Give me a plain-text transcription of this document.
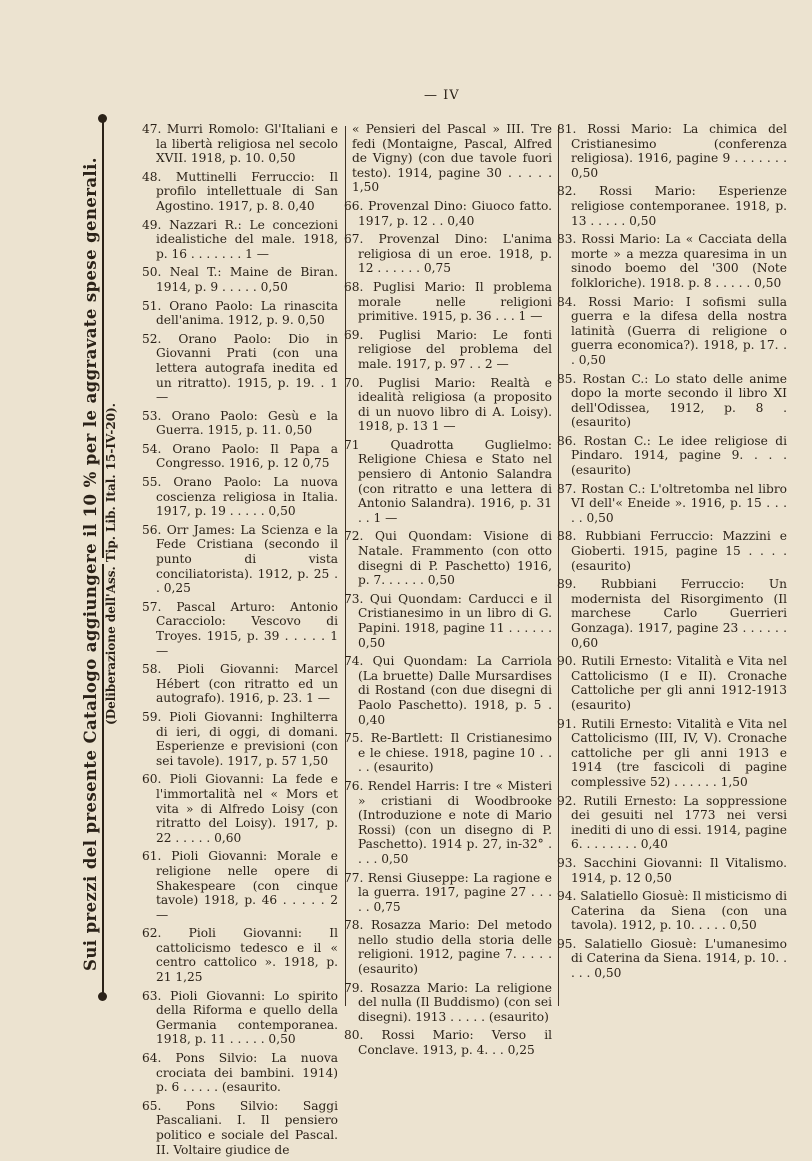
— IV
Sui prezzi del presente Catalogo aggiungere il 10 % per le aggravate spese generali. (Deliberazione dell'Ass. Tip. Lib. Ital. 15-IV-20).

47. Murri Romolo: Gl'Italiani e la libertà religiosa nel secolo XVII. 1918, p. 10. 0,50

48. Muttinelli Ferruccio: Il profilo intellettuale di San Agostino. 1917, p. 8. 0,40

49. Nazzari R.: Le concezioni idealistiche del male. 1918, p. 16 . . . . . . . 1 —

50. Neal T.: Maine de Biran. 1914, p. 9 . . . . . 0,50

51. Orano Paolo: La rinascita dell'anima. 1912, p. 9. 0,50

52. Orano Paolo: Dio in Giovanni Prati (con una lettera autografa inedita ed un ritratto). 1915, p. 19. . 1 —

53. Orano Paolo: Gesù e la Guerra. 1915, p. 11. 0,50

54. Orano Paolo: Il Papa a Congresso. 1916, p. 12 0,75

55. Orano Paolo: La nuova coscienza religiosa in Italia. 1917, p. 19 . . . . . 0,50

56. Orr James: La Scienza e la Fede Cristiana (secondo il punto di vista conciliatorista). 1912, p. 25 . . 0,25

57. Pascal Arturo: Antonio Caracciolo: Vescovo di Troyes. 1915, p. 39 . . . . . 1 —

58. Pioli Giovanni: Marcel Hébert (con ritratto ed un autografo). 1916, p. 23. 1 —

59. Pioli Giovanni: Inghilterra di ieri, di oggi, di domani. Esperienze e previsioni (con sei tavole). 1917, p. 57 1,50

60. Pioli Giovanni: La fede e l'immortalità nel « Mors et vita » di Alfredo Loisy (con ritratto del Loisy). 1917, p. 22 . . . . . 0,60

61. Pioli Giovanni: Morale e religione nelle opere di Shakespeare (con cinque tavole) 1918, p. 46 . . . . . 2 —

62. Pioli Giovanni: Il cattolicismo tedesco e il « centro cattolico ». 1918, p. 21 1,25

63. Pioli Giovanni: Lo spirito della Riforma e quello della Germania contemporanea. 1918, p. 11 . . . . . 0,50

64. Pons Silvio: La nuova crociata dei bambini. 1914) p. 6 . . . . . (esaurito.

65. Pons Silvio: Saggi Pascaliani. I. Il pensiero politico e sociale del Pascal. II. Voltaire giudice de

« Pensieri del Pascal » III. Tre fedi (Montaigne, Pascal, Alfred de Vigny) (con due tavole fuori testo). 1914, pagine 30 . . . . . 1,50

66. Provenzal Dino: Giuoco fatto. 1917, p. 12 . . 0,40

67. Provenzal Dino: L'anima religiosa di un eroe. 1918, p. 12 . . . . . . 0,75

68. Puglisi Mario: Il problema morale nelle religioni primitive. 1915, p. 36 . . . 1 —

69. Puglisi Mario: Le fonti religiose del problema del male. 1917, p. 97 . . 2 —

70. Puglisi Mario: Realtà e idealità religiosa (a proposito di un nuovo libro di A. Loisy). 1918, p. 13 1 —

71 Quadrotta Guglielmo: Religione Chiesa e Stato nel pensiero di Antonio Salandra (con ritratto e una lettera di Antonio Salandra). 1916, p. 31 . . 1 —

72. Qui Quondam: Visione di Natale. Frammento (con otto disegni di P. Paschetto) 1916, p. 7. . . . . . 0,50

73. Qui Quondam: Carducci e il Cristianesimo in un libro di G. Papini. 1918, pagine 11 . . . . . . 0,50

74. Qui Quondam: La Carriola (La bruette) Dalle Mursardises di Rostand (con due disegni di Paolo Paschetto). 1918, p. 5 . 0,40

75. Re-Bartlett: Il Cristianesimo e le chiese. 1918, pagine 10 . . . . (esaurito)

76. Rendel Harris: I tre « Misteri » cristiani di Woodbrooke (Introduzione e note di Mario Rossi) (con un disegno di P. Paschetto). 1914 p. 27, in-32° . . . . 0,50

77. Rensi Giuseppe: La ragione e la guerra. 1917, pagine 27 . . . . . 0,75

78. Rosazza Mario: Del metodo nello studio della storia delle religioni. 1912, pagine 7. . . . . (esaurito)

79. Rosazza Mario: La religione del nulla (Il Buddismo) (con sei disegni). 1913 . . . . . (esaurito)

80. Rossi Mario: Verso il Conclave. 1913, p. 4. . . 0,25

81. Rossi Mario: La chimica del Cristianesimo (conferenza religiosa). 1916, pagine 9 . . . . . . . 0,50

82. Rossi Mario: Esperienze religiose contemporanee. 1918, p. 13 . . . . . 0,50

83. Rossi Mario: La « Cacciata della morte » a mezza quaresima in un sinodo boemo del '300 (Note folkloriche). 1918. p. 8 . . . . . 0,50

84. Rossi Mario: I sofismi sulla guerra e la difesa della nostra latinità (Guerra di religione o guerra economica?). 1918, p. 17. . . 0,50

85. Rostan C.: Lo stato delle anime dopo la morte secondo il libro XI dell'Odissea, 1912, p. 8 . (esaurito)

86. Rostan C.: Le idee religiose di Pindaro. 1914, pagine 9. . . . (esaurito)

87. Rostan C.: L'oltretomba nel libro VI dell'« Eneide ». 1916, p. 15 . . . . . 0,50

88. Rubbiani Ferruccio: Mazzini e Gioberti. 1915, pagine 15 . . . . (esaurito)

89. Rubbiani Ferruccio: Un modernista del Risorgimento (Il marchese Carlo Guerrieri Gonzaga). 1917, pagine 23 . . . . . . 0,60

90. Rutili Ernesto: Vitalità e Vita nel Cattolicismo (I e II). Cronache Cattoliche per gli anni 1912-1913 (esaurito)

91. Rutili Ernesto: Vitalità e Vita nel Cattolicismo (III, IV, V). Cronache cattoliche per gli anni 1913 e 1914 (tre fascicoli di pagine complessive 52) . . . . . . 1,50

92. Rutili Ernesto: La soppressione dei gesuiti nel 1773 nei versi inediti di uno di essi. 1914, pagine 6. . . . . . . . 0,40

93. Sacchini Giovanni: Il Vitalismo. 1914, p. 12 0,50

94. Salatiello Giosuè: Il misticismo di Caterina da Siena (con una tavola). 1912, p. 10. . . . . 0,50

95. Salatiello Giosuè: L'umanesimo di Caterina da Siena. 1914, p. 10. . . . . 0,50
